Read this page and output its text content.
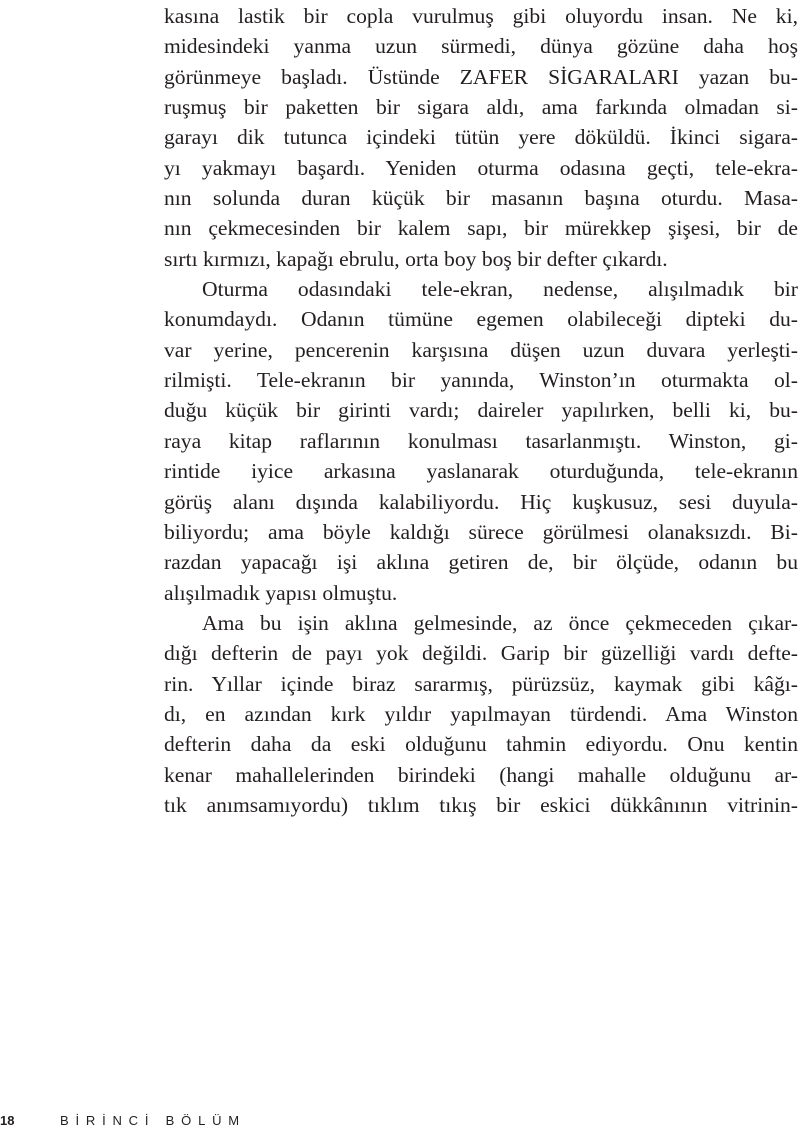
kasına lastik bir copla vurulmuş gibi oluyordu insan. Ne ki,
midesindeki yanma uzun sürmedi, dünya gözüne daha hoş
görünmeye başladı. Üstünde ZAFER SİGARALARI yazan bu-
ruşmuş bir paketten bir sigara aldı, ama farkında olmadan si-
garayı dik tutunca içindeki tütün yere döküldü. İkinci sigara-
yı yakmayı başardı. Yeniden oturma odasına geçti, tele-ekra-
nın solunda duran küçük bir masanın başına oturdu. Masa-
nın çekmecesinden bir kalem sapı, bir mürekkep şişesi, bir de
sırtı kırmızı, kapağı ebrulu, orta boy boş bir defter çıkardı.
Oturma odasındaki tele-ekran, nedense, alışılmadık bir
konumdaydı. Odanın tümüne egemen olabileceği dipteki du-
var yerine, pencerenin karşısına düşen uzun duvara yerleşti-
rilmişti. Tele-ekranın bir yanında, Winston’ın oturmakta ol-
duğu küçük bir girinti vardı; daireler yapılırken, belli ki, bu-
raya kitap raflarının konulması tasarlanmıştı. Winston, gi-
rintide iyice arkasına yaslanarak oturduğunda, tele-ekranın
görüş alanı dışında kalabiliyordu. Hiç kuşkusuz, sesi duyula-
biliyordu; ama böyle kaldığı sürece görülmesi olanaksızdı. Bi-
razdan yapacağı işi aklına getiren de, bir ölçüde, odanın bu
alışılmadık yapısı olmuştu.
Ama bu işin aklına gelmesinde, az önce çekmeceden çıkar-
dığı defterin de payı yok değildi. Garip bir güzelliği vardı defte-
rin. Yıllar içinde biraz sararmış, pürüzsüz, kaymak gibi kâğı-
dı, en azından kırk yıldır yapılmayan türdendi. Ama Winston
defterin daha da eski olduğunu tahmin ediyordu. Onu kentin
kenar mahallelerinden birindeki (hangi mahalle olduğunu ar-
tık anımsamıyordu) tıklım tıkış bir eskici dükkânının vitrinin-
18	BİRİNCİ BÖLÜM
